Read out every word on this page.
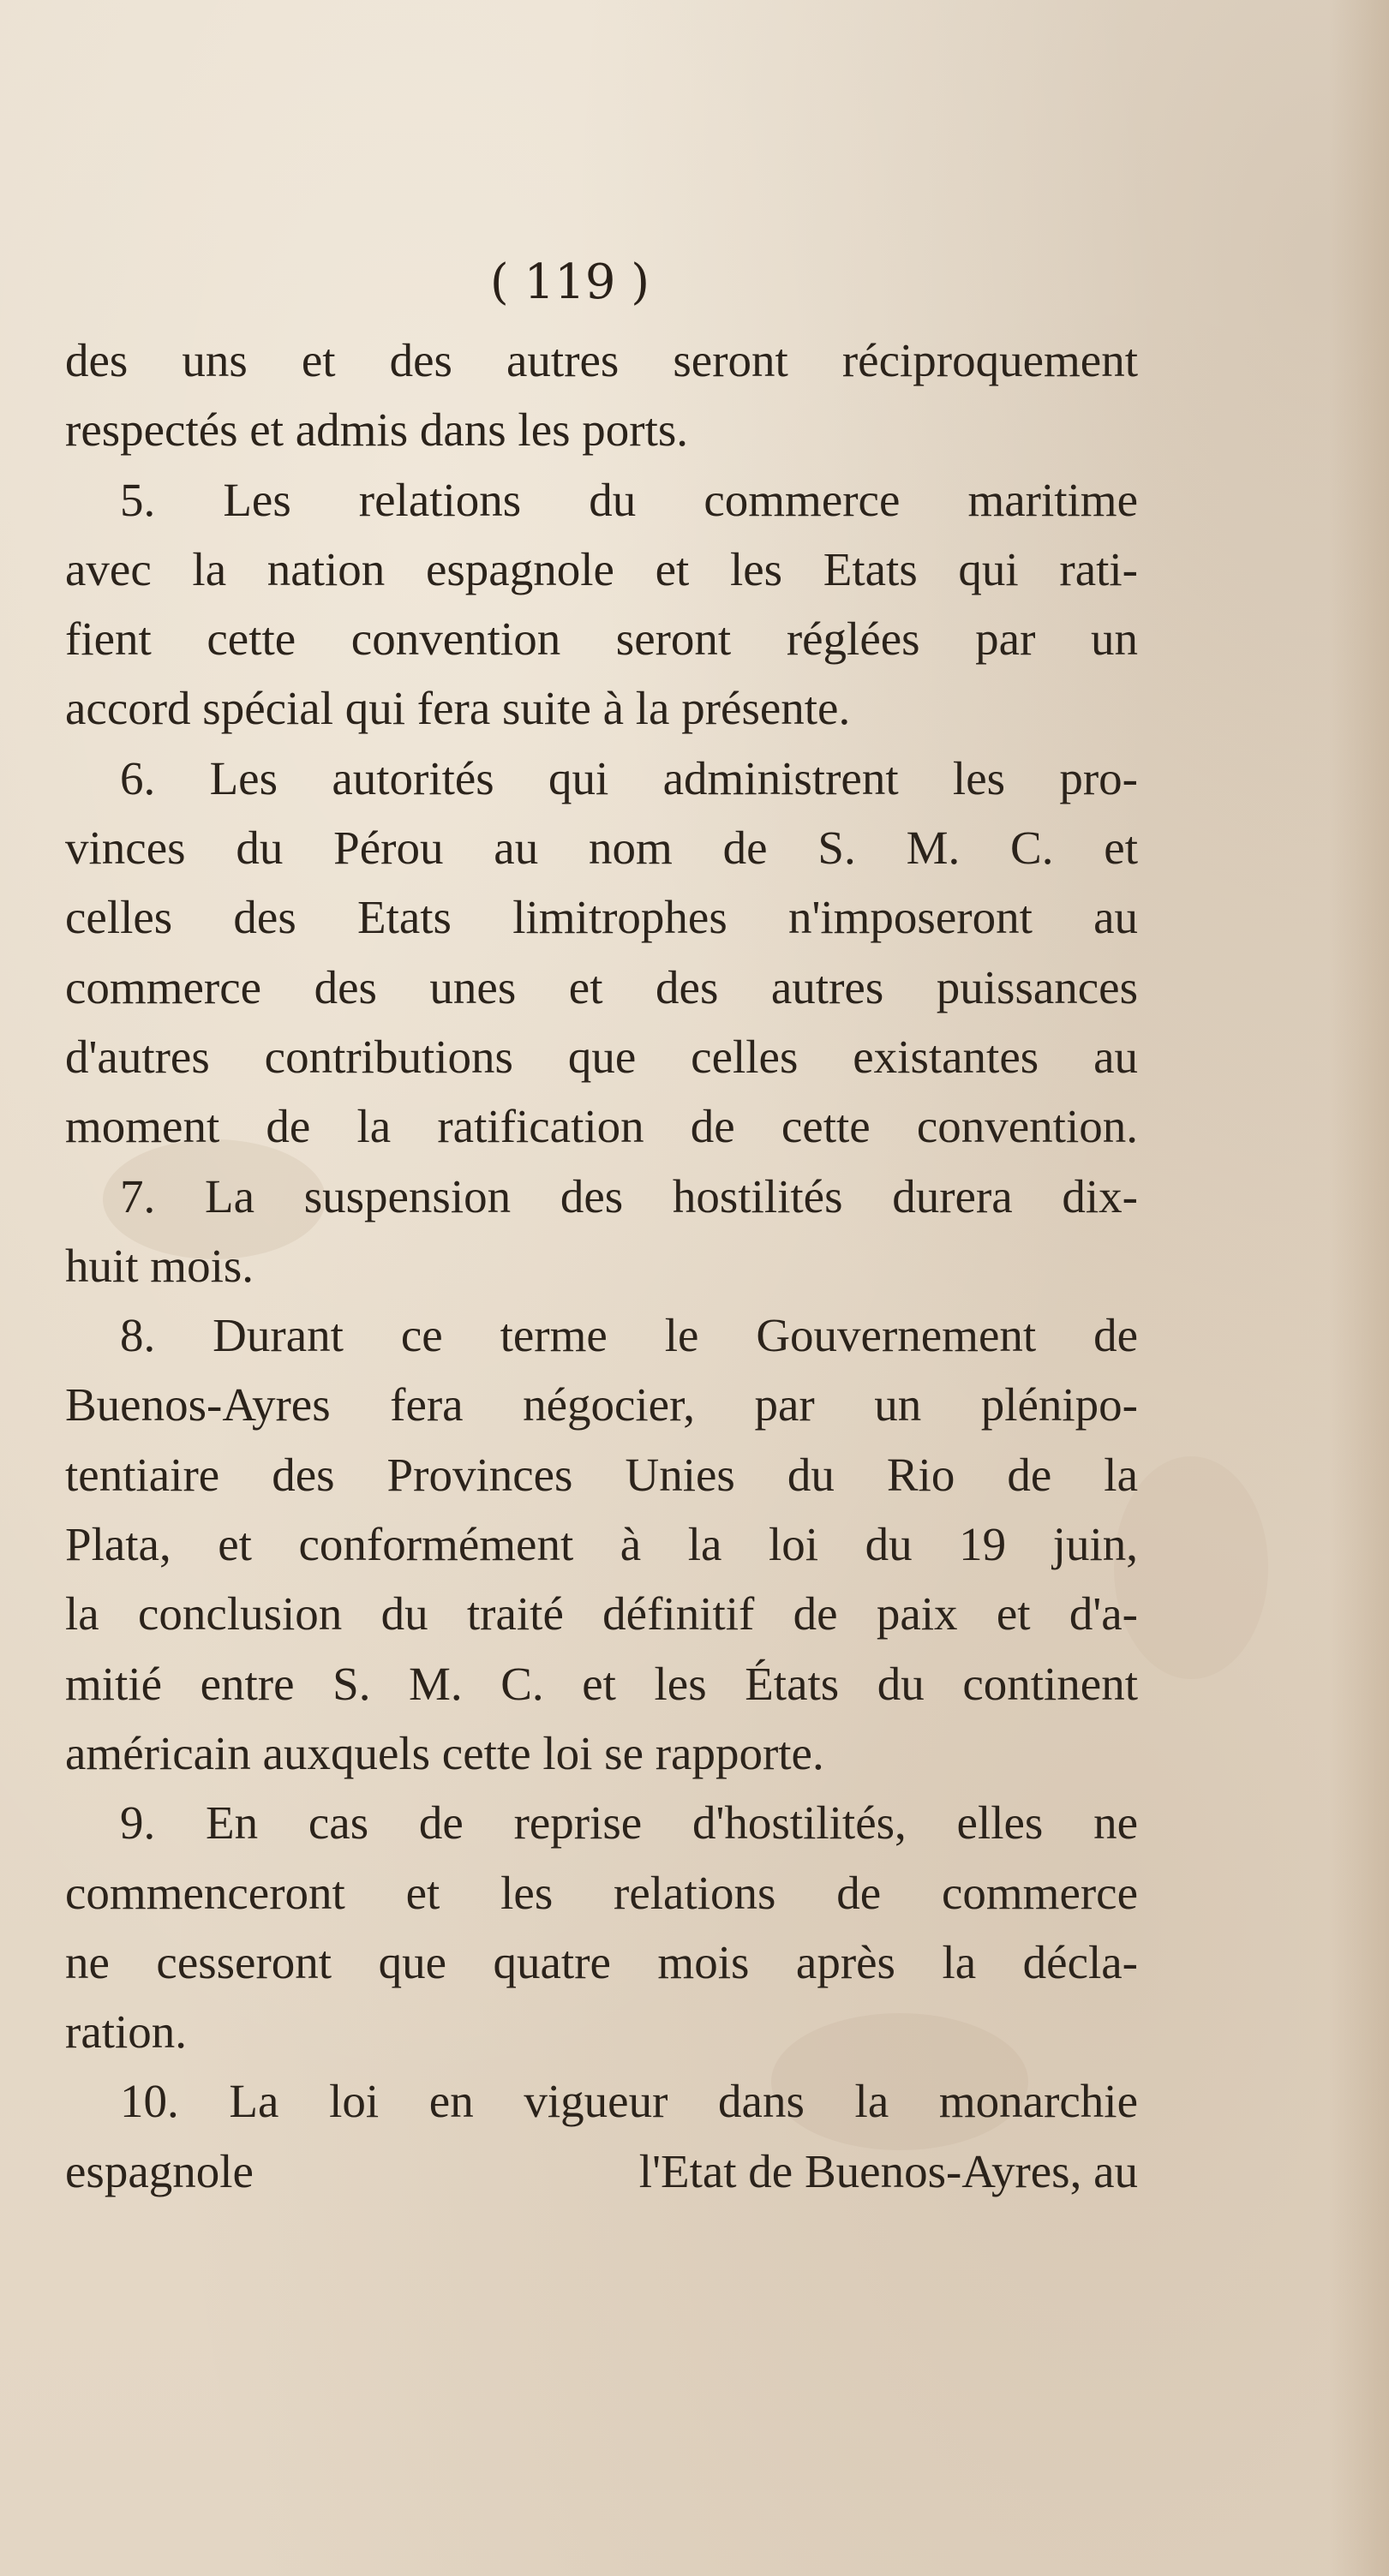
( 119 )
des uns et des autres seront réciproquement
respectés et admis dans les ports.
5. Les relations du commerce maritime
avec la nation espagnole et les Etats qui rati-
fient cette convention seront réglées par un
accord spécial qui fera suite à la présente.
6. Les autorités qui administrent les pro-
vinces du Pérou au nom de S. M. C. et
celles des Etats limitrophes n'imposeront au
commerce des unes et des autres puissances
d'autres contributions que celles existantes au
moment de la ratification de cette convention.
7. La suspension des hostilités durera dix-
huit mois.
8. Durant ce terme le Gouvernement de
Buenos-Ayres fera négocier, par un plénipo-
tentiaire des Provinces Unies du Rio de la
Plata, et conformément à la loi du 19 juin,
la conclusion du traité définitif de paix et d'a-
mitié entre S. M. C. et les États du continent
américain auxquels cette loi se rapporte.
9. En cas de reprise d'hostilités, elles ne
commenceront et les relations de commerce
ne cesseront que quatre mois après la décla-
ration.
10. La loi en vigueur dans la monarchie
espagnole	l'Etat de Buenos-Ayres, au
